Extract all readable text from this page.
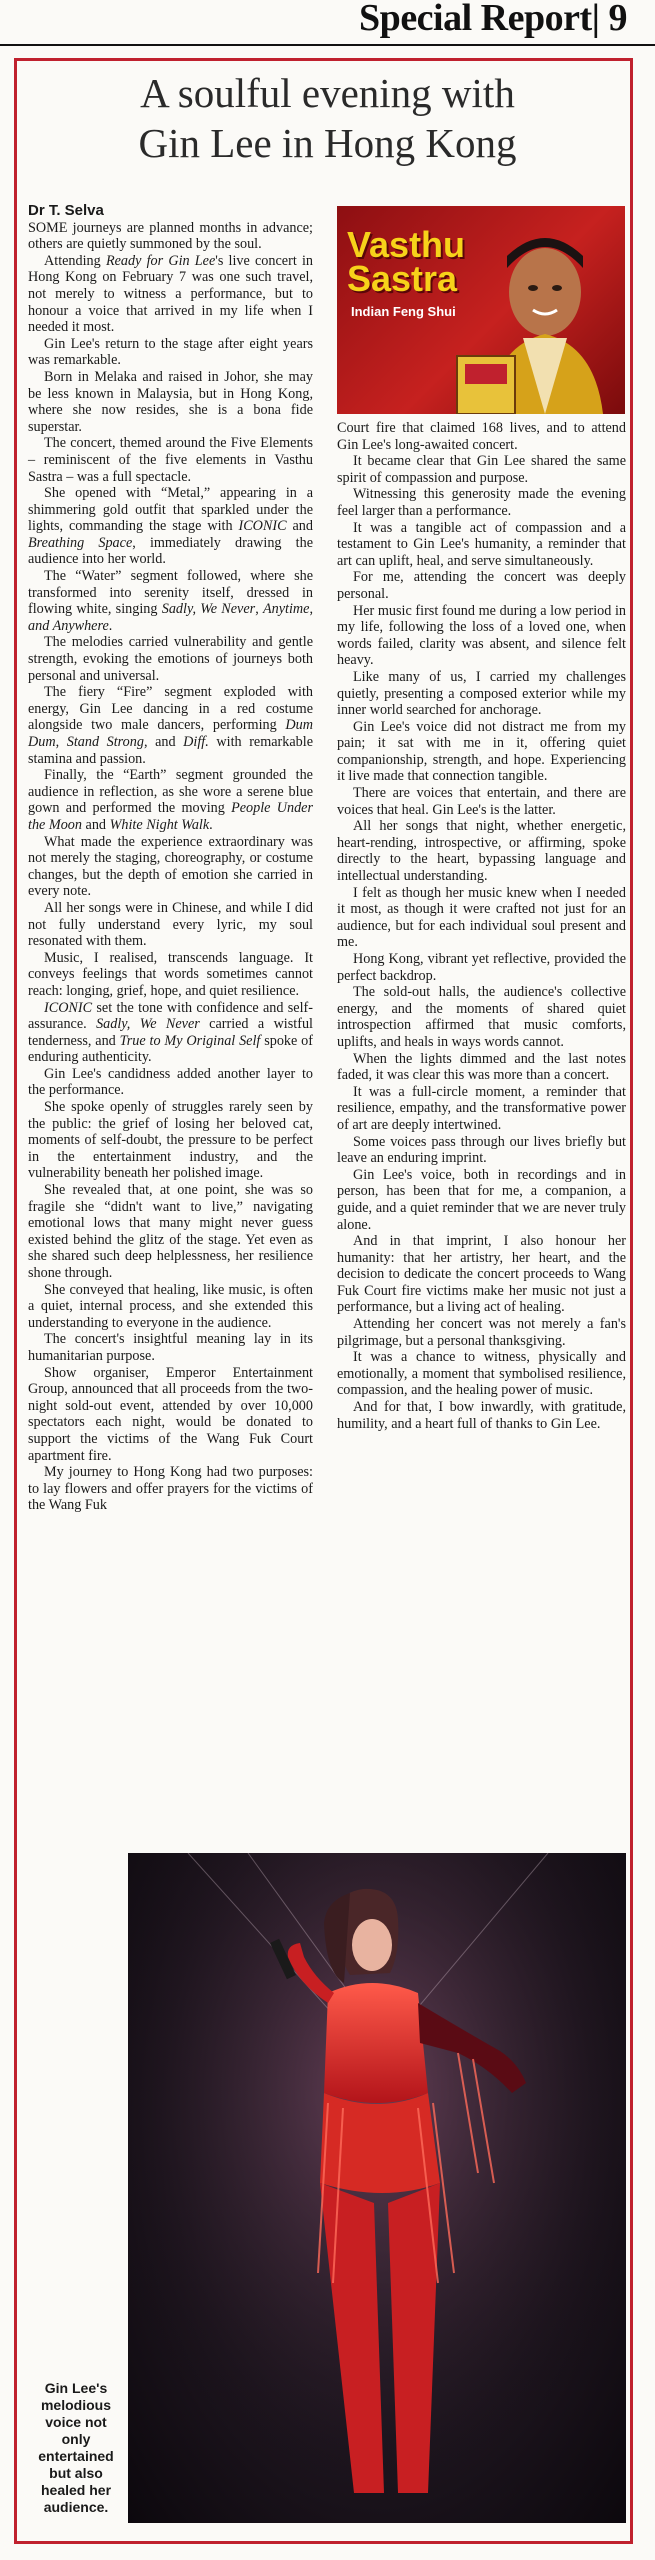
Special Report| 9
A soulful evening with
Gin Lee in Hong Kong

Dr T. Selva

SOME journeys are planned months in advance; others are quietly summoned by the soul.

Attending Ready for Gin Lee's live concert in Hong Kong on February 7 was one such travel, not merely to witness a performance, but to honour a voice that arrived in my life when I needed it most.

Gin Lee's return to the stage after eight years was remarkable.

Born in Melaka and raised in Johor, she may be less known in Malaysia, but in Hong Kong, where she now resides, she is a bona fide superstar.

The concert, themed around the Five Elements – reminiscent of the five elements in Vasthu Sastra – was a full spectacle.

She opened with “Metal,” appearing in a shimmering gold outfit that sparkled under the lights, commanding the stage with ICONIC and Breathing Space, immediately drawing the audience into her world.

The “Water” segment followed, where she transformed into serenity itself, dressed in flowing white, singing Sadly, We Never, Anytime, and Anywhere.

The melodies carried vulnerability and gentle strength, evoking the emotions of journeys both personal and universal.

The fiery “Fire” segment exploded with energy, Gin Lee dancing in a red costume alongside two male dancers, performing Dum Dum, Stand Strong, and Diff. with remarkable stamina and passion.

Finally, the “Earth” segment grounded the audience in reflection, as she wore a serene blue gown and performed the moving People Under the Moon and White Night Walk.

What made the experience extraordinary was not merely the staging, choreography, or costume changes, but the depth of emotion she carried in every note.

All her songs were in Chinese, and while I did not fully understand every lyric, my soul resonated with them.

Music, I realised, transcends language. It conveys feelings that words sometimes cannot reach: longing, grief, hope, and quiet resilience.

ICONIC set the tone with confidence and self-assurance. Sadly, We Never carried a wistful tenderness, and True to My Original Self spoke of enduring authenticity.

Gin Lee's candidness added another layer to the performance.

She spoke openly of struggles rarely seen by the public: the grief of losing her beloved cat, moments of self-doubt, the pressure to be perfect in the entertainment industry, and the vulnerability beneath her polished image.

She revealed that, at one point, she was so fragile she “didn't want to live,” navigating emotional lows that many might never guess existed behind the glitz of the stage. Yet even as she shared such deep helplessness, her resilience shone through.

She conveyed that healing, like music, is often a quiet, internal process, and she extended this understanding to everyone in the audience.

The concert's insightful meaning lay in its humanitarian purpose.

Show organiser, Emperor Entertainment Group, announced that all proceeds from the two-night sold-out event, attended by over 10,000 spectators each night, would be donated to support the victims of the Wang Fuk Court apartment fire.

My journey to Hong Kong had two purposes: to lay flowers and offer prayers for the victims of the Wang Fuk

Vasthu
Sastra
Indian Feng Shui

Court fire that claimed 168 lives, and to attend Gin Lee's long-awaited concert.

It became clear that Gin Lee shared the same spirit of compassion and purpose.

Witnessing this generosity made the evening feel larger than a performance.

It was a tangible act of compassion and a testament to Gin Lee's humanity, a reminder that art can uplift, heal, and serve simultaneously.

For me, attending the concert was deeply personal.

Her music first found me during a low period in my life, following the loss of a loved one, when words failed, clarity was absent, and silence felt heavy.

Like many of us, I carried my challenges quietly, presenting a composed exterior while my inner world searched for anchorage.

Gin Lee's voice did not distract me from my pain; it sat with me in it, offering quiet companionship, strength, and hope. Experiencing it live made that connection tangible.

There are voices that entertain, and there are voices that heal. Gin Lee's is the latter.

All her songs that night, whether energetic, heart-rending, introspective, or affirming, spoke directly to the heart, bypassing language and intellectual understanding.

I felt as though her music knew when I needed it most, as though it were crafted not just for an audience, but for each individual soul present and me.

Hong Kong, vibrant yet reflective, provided the perfect backdrop.

The sold-out halls, the audience's collective energy, and the moments of shared quiet introspection affirmed that music comforts, uplifts, and heals in ways words cannot.

When the lights dimmed and the last notes faded, it was clear this was more than a concert.

It was a full-circle moment, a reminder that resilience, empathy, and the transformative power of art are deeply intertwined.

Some voices pass through our lives briefly but leave an enduring imprint.

Gin Lee's voice, both in recordings and in person, has been that for me, a companion, a guide, and a quiet reminder that we are never truly alone.

And in that imprint, I also honour her humanity: that her artistry, her heart, and the decision to dedicate the concert proceeds to Wang Fuk Court fire victims make her music not just a performance, but a living act of healing.

Attending her concert was not merely a fan's pilgrimage, but a personal thanksgiving.

It was a chance to witness, physically and emotionally, a moment that symbolised resilience, compassion, and the healing power of music.

And for that, I bow inwardly, with gratitude, humility, and a heart full of thanks to Gin Lee.

Gin Lee's melodious voice not only entertained but also healed her audience.
